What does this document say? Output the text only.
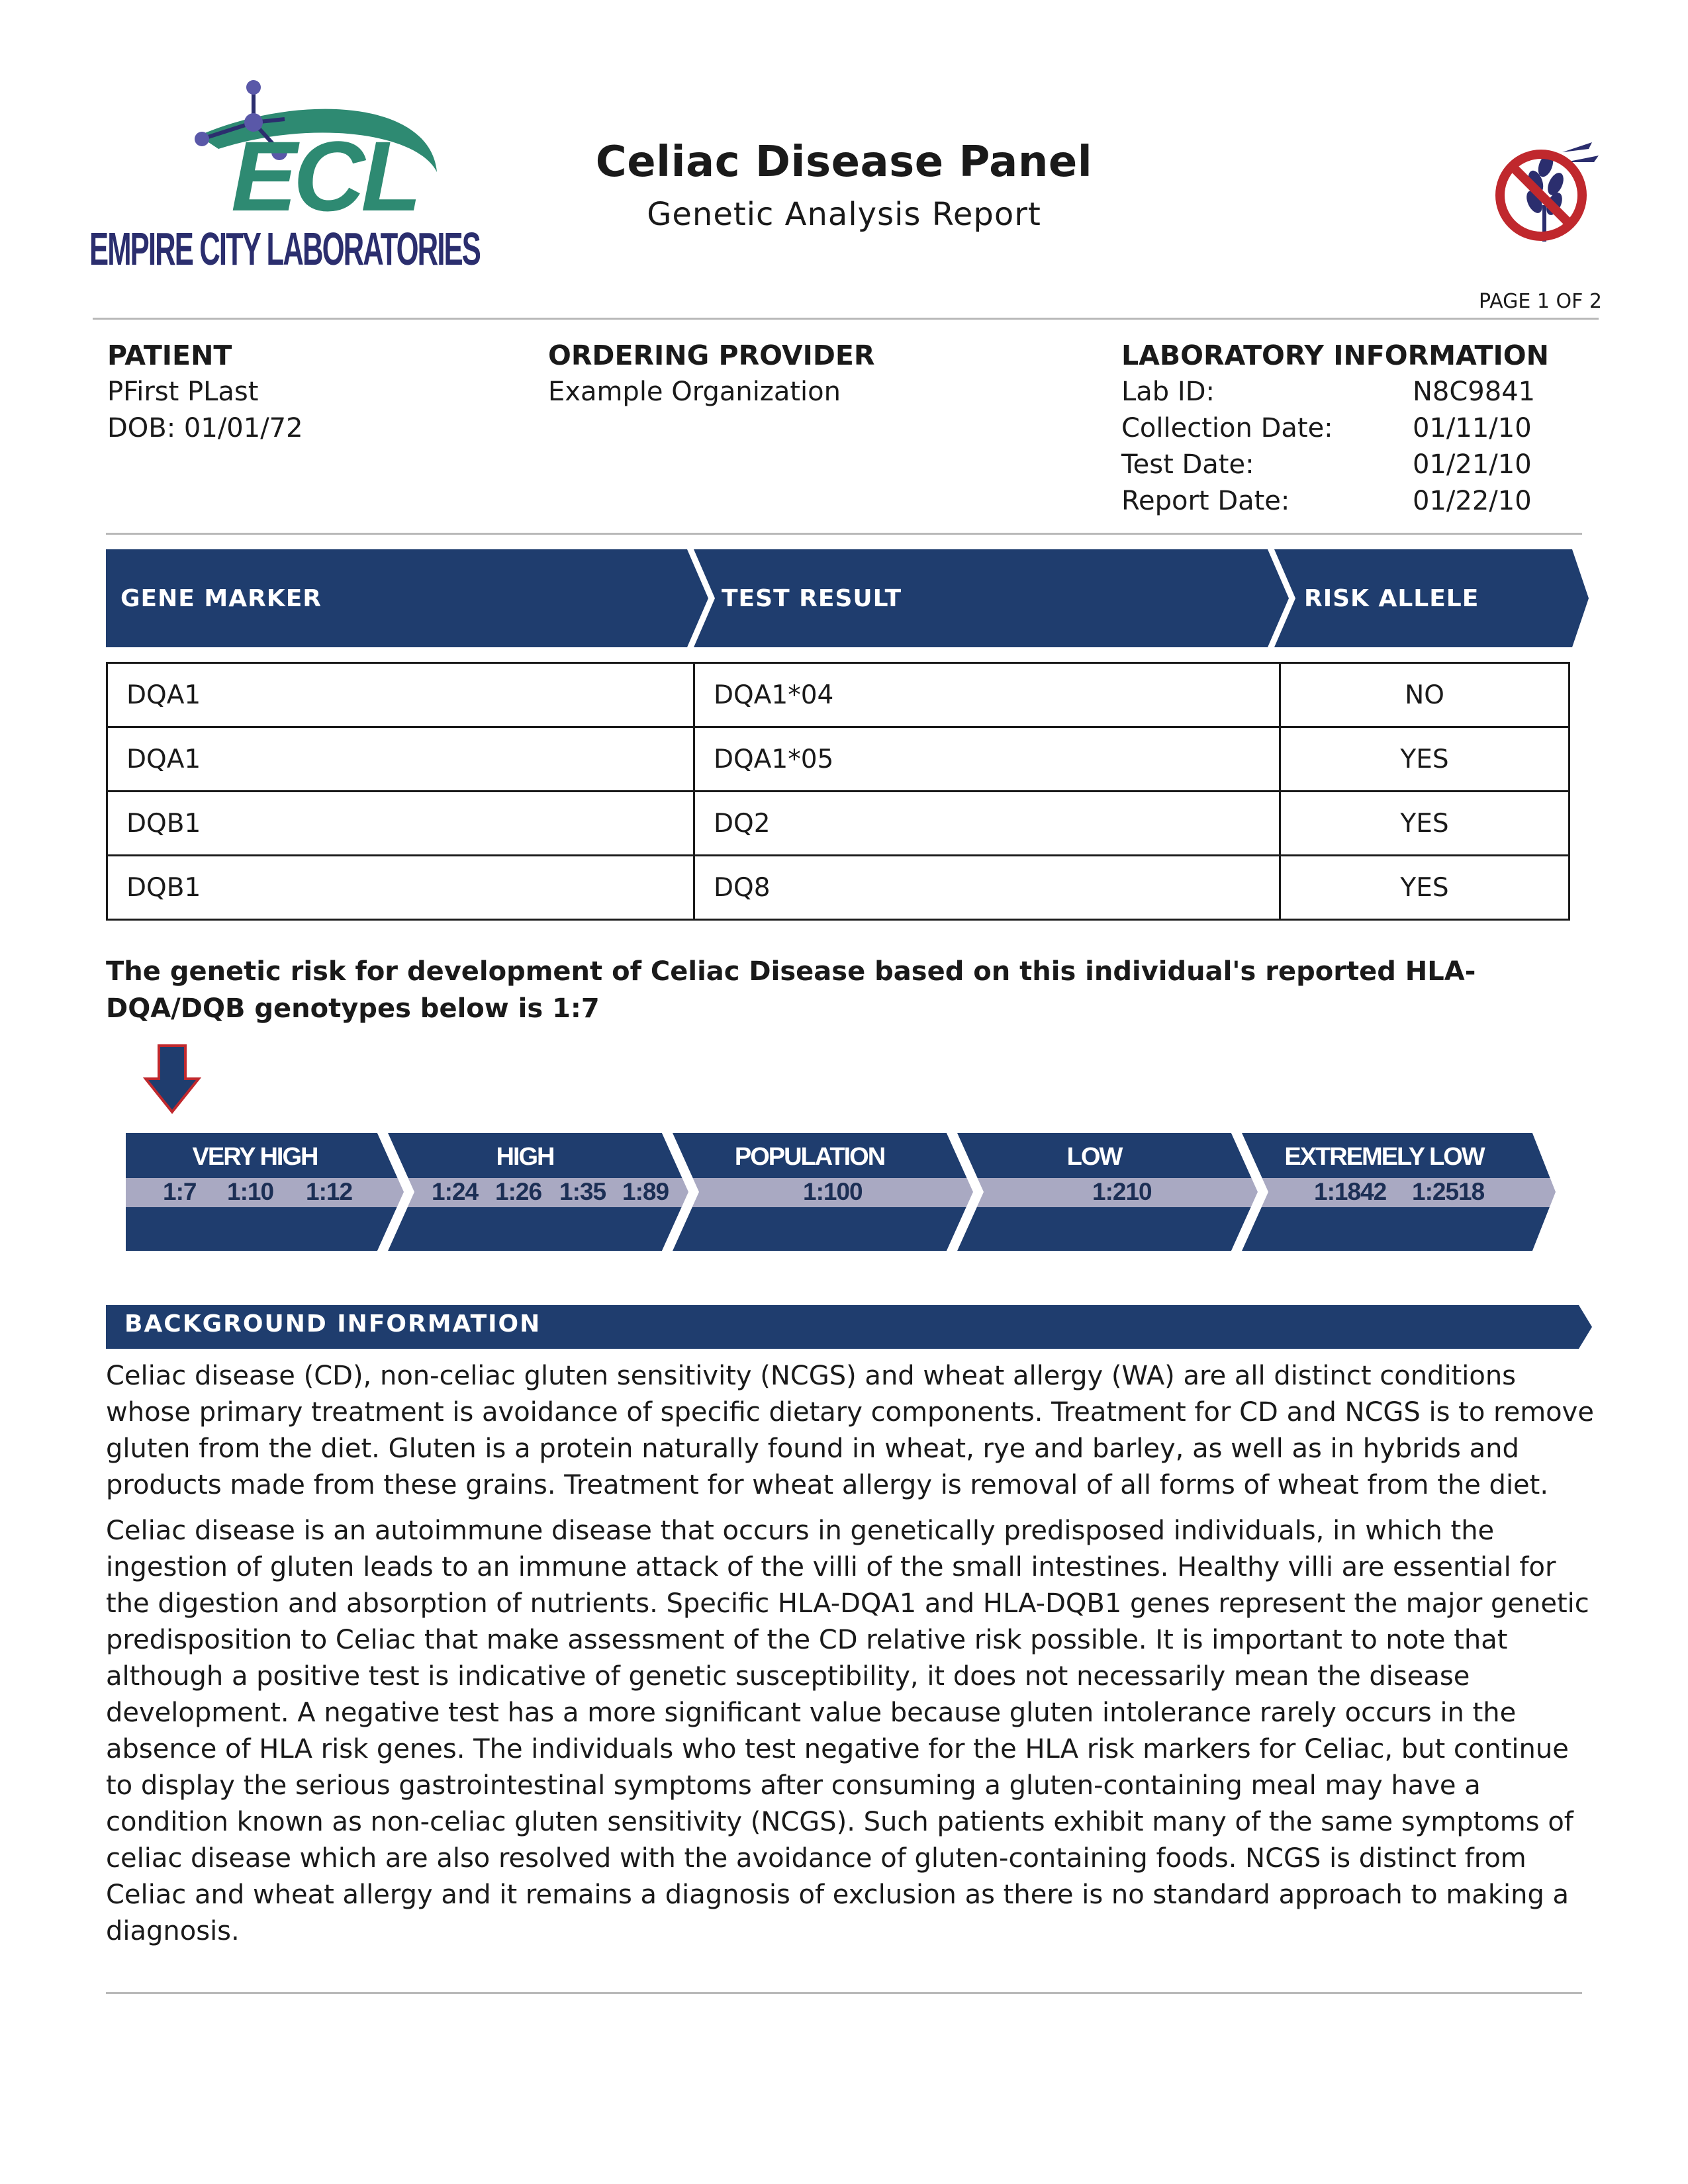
ECL
EMPIRE CITY LABORATORIES
Celiac Disease Panel
Genetic Analysis Report
PAGE 1 OF 2
PATIENT
PFirst PLast
DOB: 01/01/72
ORDERING PROVIDER
Example Organization
LABORATORY INFORMATION
Lab ID:	N8C9841
Collection Date:	01/11/10
Test Date:	01/21/10
Report Date:	01/22/10
GENE MARKER	TEST RESULT	RISK ALLELE
DQA1	DQA1*04	NO
DQA1	DQA1*05	YES
DQB1	DQ2	YES
DQB1	DQ8	YES
The genetic risk for development of Celiac Disease based on this individual's reported HLA-DQA/DQB genotypes below is 1:7
VERY HIGH	HIGH	POPULATION	LOW	EXTREMELY LOW
1:7 1:10 1:12	1:24 1:26 1:35 1:89	1:100	1:210	1:1842 1:2518
BACKGROUND INFORMATION
Celiac disease (CD), non-celiac gluten sensitivity (NCGS) and wheat allergy (WA) are all distinct conditions whose primary treatment is avoidance of specific dietary components. Treatment for CD and NCGS is to remove gluten from the diet. Gluten is a protein naturally found in wheat, rye and barley, as well as in hybrids and products made from these grains. Treatment for wheat allergy is removal of all forms of wheat from the diet.
Celiac disease is an autoimmune disease that occurs in genetically predisposed individuals, in which the ingestion of gluten leads to an immune attack of the villi of the small intestines. Healthy villi are essential for the digestion and absorption of nutrients. Specific HLA-DQA1 and HLA-DQB1 genes represent the major genetic predisposition to Celiac that make assessment of the CD relative risk possible. It is important to note that although a positive test is indicative of genetic susceptibility, it does not necessarily mean the disease development. A negative test has a more significant value because gluten intolerance rarely occurs in the absence of HLA risk genes. The individuals who test negative for the HLA risk markers for Celiac, but continue to display the serious gastrointestinal symptoms after consuming a gluten-containing meal may have a condition known as non-celiac gluten sensitivity (NCGS). Such patients exhibit many of the same symptoms of celiac disease which are also resolved with the avoidance of gluten-containing foods. NCGS is distinct from Celiac and wheat allergy and it remains a diagnosis of exclusion as there is no standard approach to making a diagnosis.
